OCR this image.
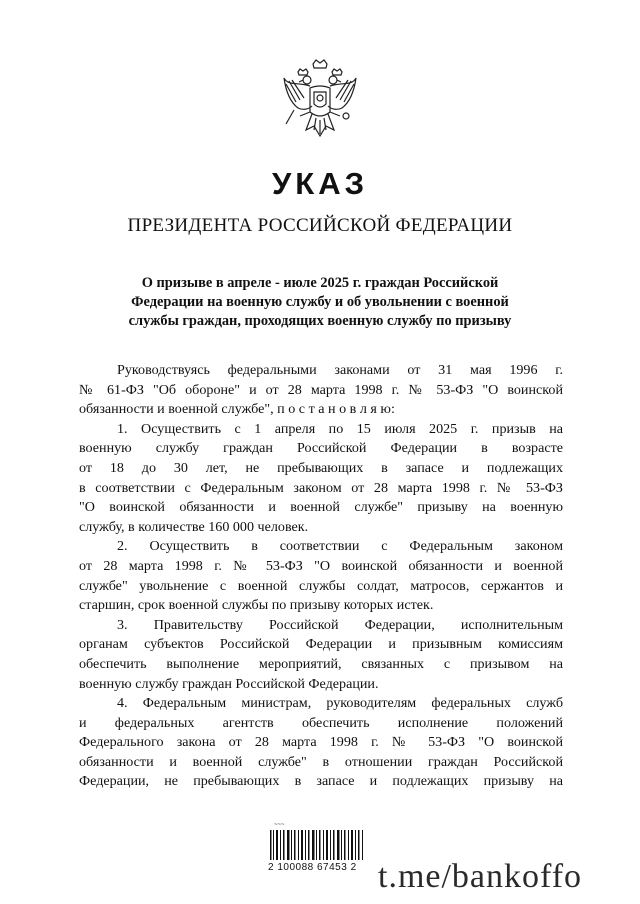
УКАЗ
ПРЕЗИДЕНТА РОССИЙСКОЙ ФЕДЕРАЦИИ
О призыве в апреле - июле 2025 г. граждан Российской
Федерации на военную службу и об увольнении с военной
службы граждан, проходящих военную службу по призыву
Руководствуясь федеральными законами от 31 мая 1996 г.
№ 61-ФЗ "Об обороне" и от 28 марта 1998 г. № 53-ФЗ "О воинской
обязанности и военной службе", п о с т а н о в л я ю:
1. Осуществить с 1 апреля по 15 июля 2025 г. призыв на
военную службу граждан Российской Федерации в возрасте
от 18 до 30 лет, не пребывающих в запасе и подлежащих
в соответствии с Федеральным законом от 28 марта 1998 г. № 53-ФЗ
"О воинской обязанности и военной службе" призыву на военную
службу, в количестве 160 000 человек.
2. Осуществить в соответствии с Федеральным законом
от 28 марта 1998 г. № 53-ФЗ "О воинской обязанности и военной
службе" увольнение с военной службы солдат, матросов, сержантов и
старшин, срок военной службы по призыву которых истек.
3. Правительству Российской Федерации, исполнительным
органам субъектов Российской Федерации и призывным комиссиям
обеспечить выполнение мероприятий, связанных с призывом на
военную службу граждан Российской Федерации.
4. Федеральным министрам, руководителям федеральных служб
и федеральных агентств обеспечить исполнение положений
Федерального закона от 28 марта 1998 г. № 53-ФЗ "О воинской
обязанности и военной службе" в отношении граждан Российской
Федерации, не пребывающих в запасе и подлежащих призыву на
~~~
2 100088 67453 2 t.me/bankoffo
